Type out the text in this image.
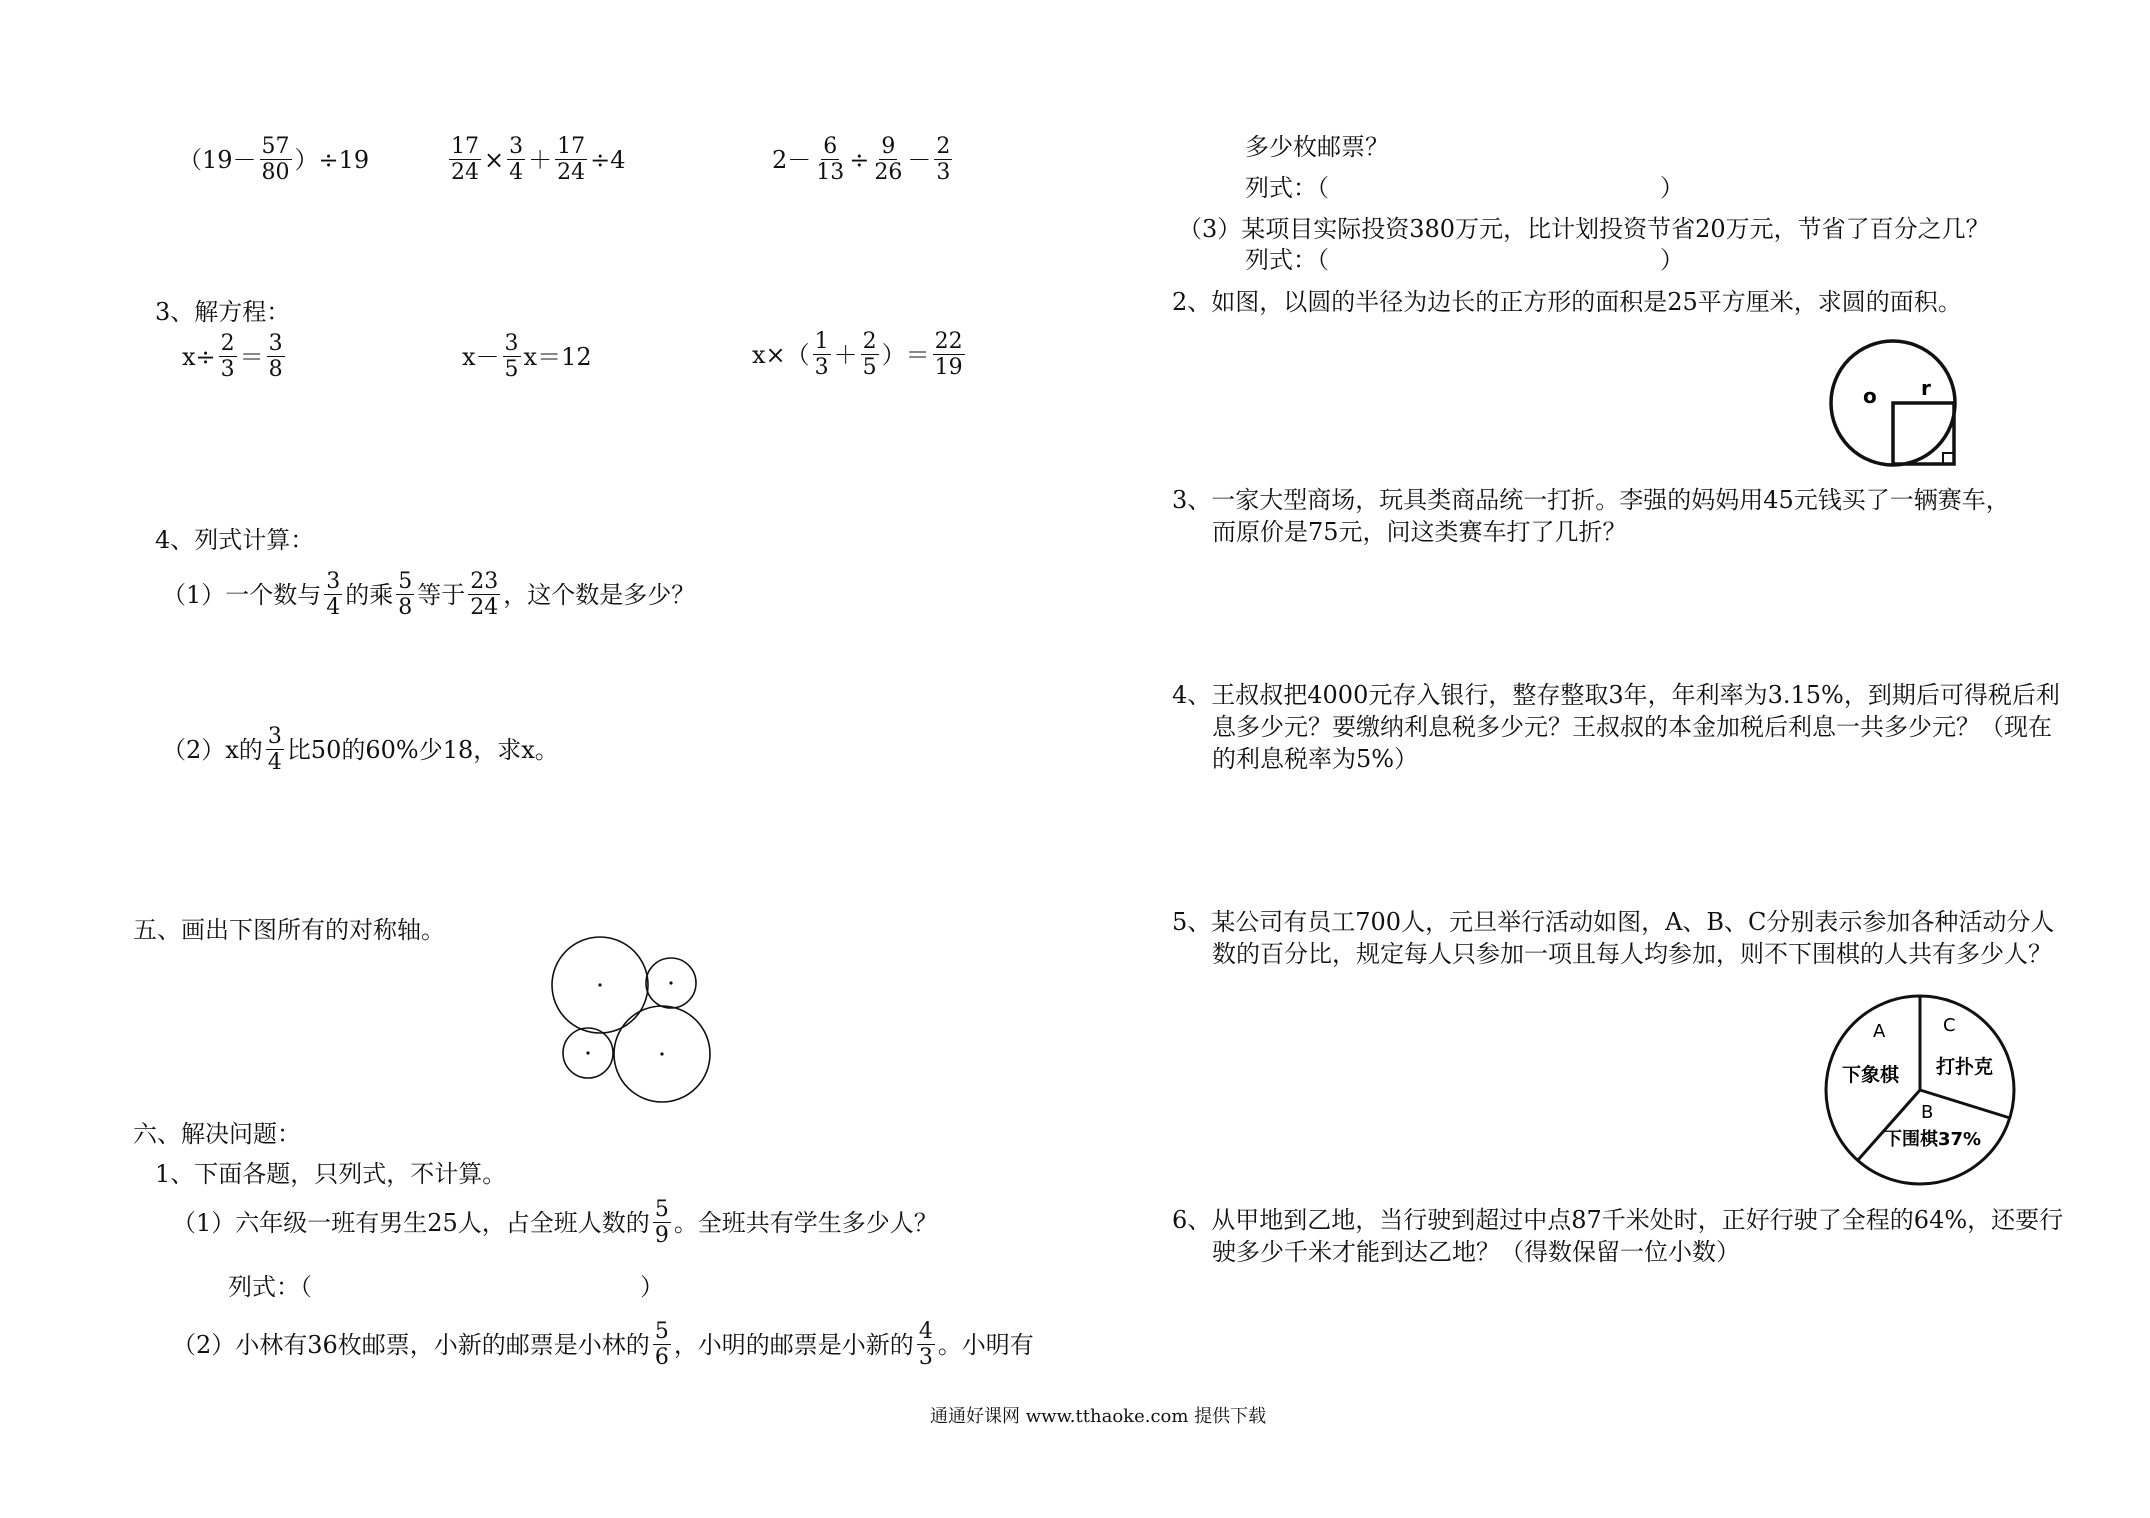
$(19- \frac{57}{80} )\div 19$	$\frac{17}{24} \times \frac{3}{4} + \frac{17}{24} \div 4$	$2- \frac{6}{13} \div \frac{9}{26} - \frac{2}{3}$
3、解方程：
$x\div \frac{2}{3} = \frac{3}{8}$	$x- \frac{3}{5} x=12$	$x\times( \frac{1}{3} + \frac{2}{5}$ ）＝ $\frac{22}{19}$
4、列式计算：
（1）一个数与 $\frac{3}{4}$ 的乘 $\frac{5}{8}$ 等于 $\frac{23}{24}$ ，这个数是多少？
（2）x的 $\frac{3}{4}$ 比50的60%少18，求x。
五、画出下图所有的对称轴。
六、解决问题：
1、下面各题，只列式，不计算。
（1）六年级一班有男生25人，占全班人数的 $\frac{5}{9}$ 。全班共有学生多少人？
列式：（	）
（2）小林有36枚邮票，小新的邮票是小林的 $\frac{5}{6}$ ，小明的邮票是小新的 $\frac{4}{3}$ 。小明有
多少枚邮票？
列式：（	）
（3）某项目实际投资380万元，比计划投资节省20万元，节省了百分之几？
列式：（	）
2、如图，以圆的半径为边长的正方形的面积是25平方厘米，求圆的面积。
o r
3、一家大型商场，玩具类商品统一打折。李强的妈妈用45元钱买了一辆赛车，
而原价是75元，问这类赛车打了几折？
4、王叔叔把4000元存入银行，整存整取3年，年利率为3.15%，到期后可得税后利
息多少元？要缴纳利息税多少元？王叔叔的本金加税后利息一共多少元？（现在
的利息税率为5%）
5、某公司有员工700人，元旦举行活动如图，A、B、C分别表示参加各种活动分人
数的百分比，规定每人只参加一项且每人均参加，则不下围棋的人共有多少人？
A
下象棋
C
打扑克
B
下围棋37%
6、从甲地到乙地，当行驶到超过中点87千米处时，正好行驶了全程的64%，还要行
驶多少千米才能到达乙地？（得数保留一位小数）
通通好课网 www.tthaoke.com 提供下载
